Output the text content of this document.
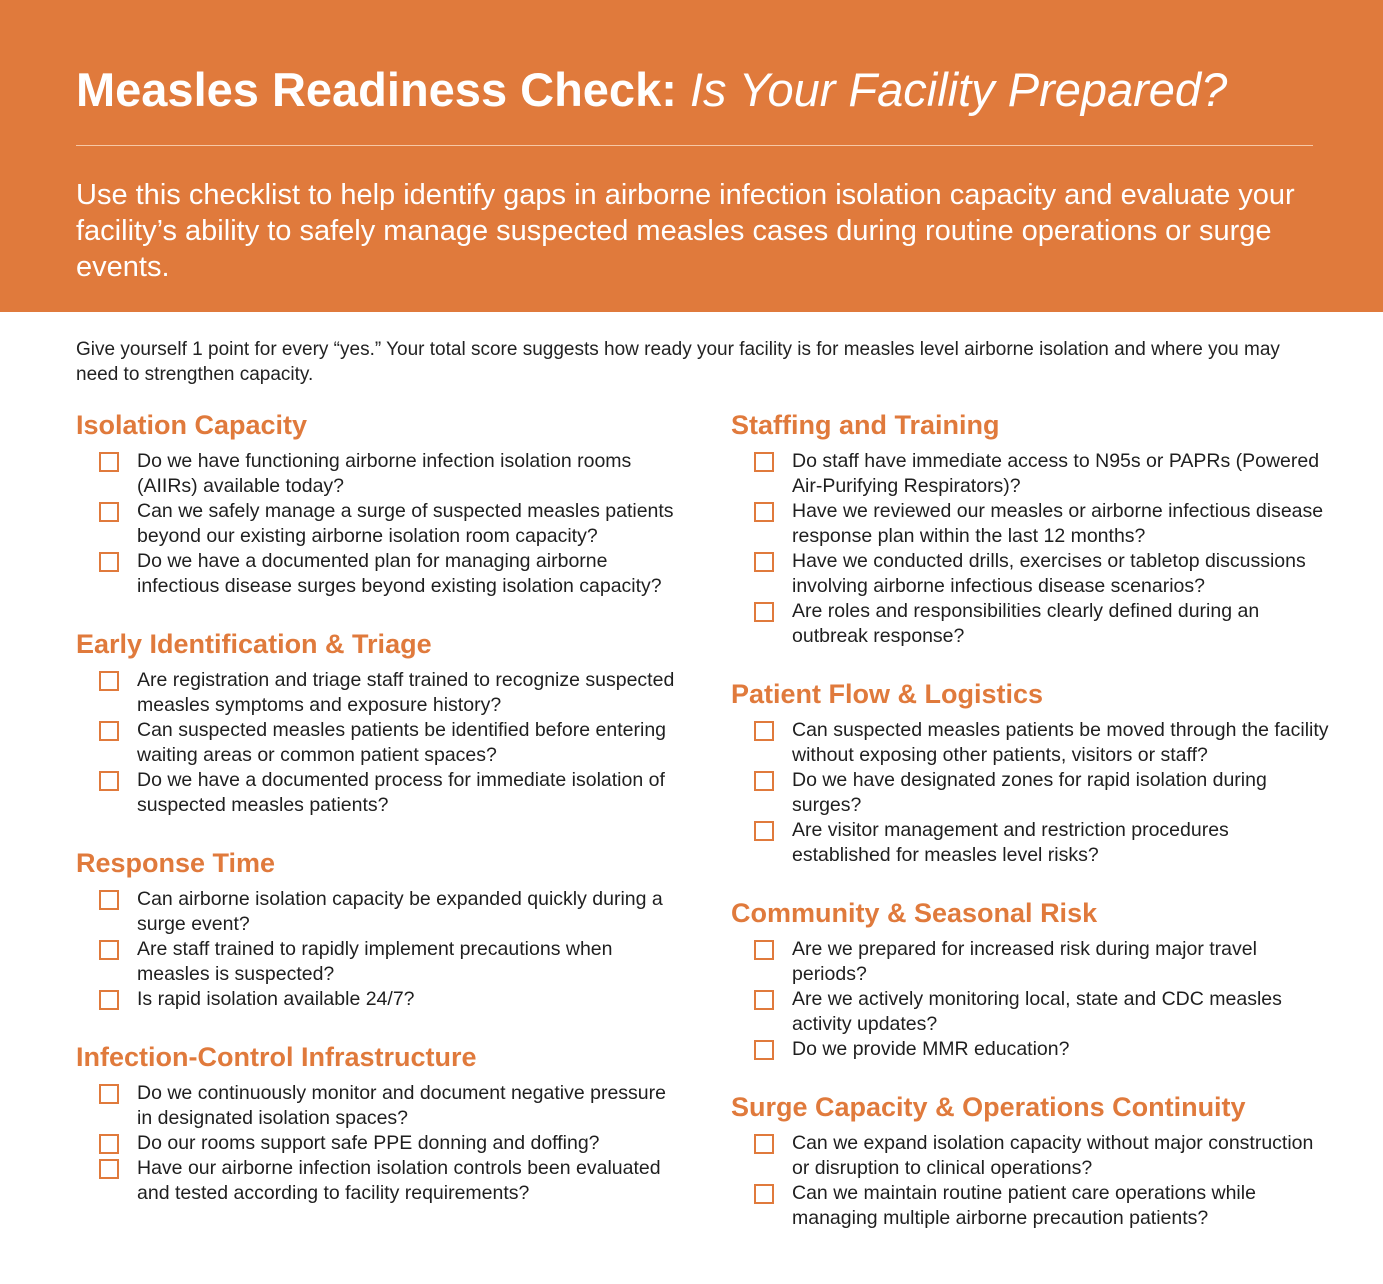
Measles Readiness Check: Is Your Facility Prepared?

Use this checklist to help identify gaps in airborne infection isolation capacity and evaluate your facility’s ability to safely manage suspected measles cases during routine operations or surge events.

Give yourself 1 point for every “yes.” Your total score suggests how ready your facility is for measles level airborne isolation and where you may need to strengthen capacity.

Isolation Capacity
Do we have functioning airborne infection isolation rooms (AIIRs) available today?
Can we safely manage a surge of suspected measles patients beyond our existing airborne isolation room capacity?
Do we have a documented plan for managing airborne infectious disease surges beyond existing isolation capacity?
Early Identification & Triage
Are registration and triage staff trained to recognize suspected measles symptoms and exposure history?
Can suspected measles patients be identified before entering waiting areas or common patient spaces?
Do we have a documented process for immediate isolation of suspected measles patients?
Response Time
Can airborne isolation capacity be expanded quickly during a surge event?
Are staff trained to rapidly implement precautions when measles is suspected?
Is rapid isolation available 24/7?
Infection-Control Infrastructure
Do we continuously monitor and document negative pressure in designated isolation spaces?
Do our rooms support safe PPE donning and doffing?
Have our airborne infection isolation controls been evaluated and tested according to facility requirements?
Staffing and Training
Do staff have immediate access to N95s or PAPRs (Powered Air-Purifying Respirators)?
Have we reviewed our measles or airborne infectious disease response plan within the last 12 months?
Have we conducted drills, exercises or tabletop discussions involving airborne infectious disease scenarios?
Are roles and responsibilities clearly defined during an outbreak response?
Patient Flow & Logistics
Can suspected measles patients be moved through the facility without exposing other patients, visitors or staff?
Do we have designated zones for rapid isolation during surges?
Are visitor management and restriction procedures established for measles level risks?
Community & Seasonal Risk
Are we prepared for increased risk during major travel periods?
Are we actively monitoring local, state and CDC measles activity updates?
Do we provide MMR education?
Surge Capacity & Operations Continuity
Can we expand isolation capacity without major construction or disruption to clinical operations?
Can we maintain routine patient care operations while managing multiple airborne precaution patients?
